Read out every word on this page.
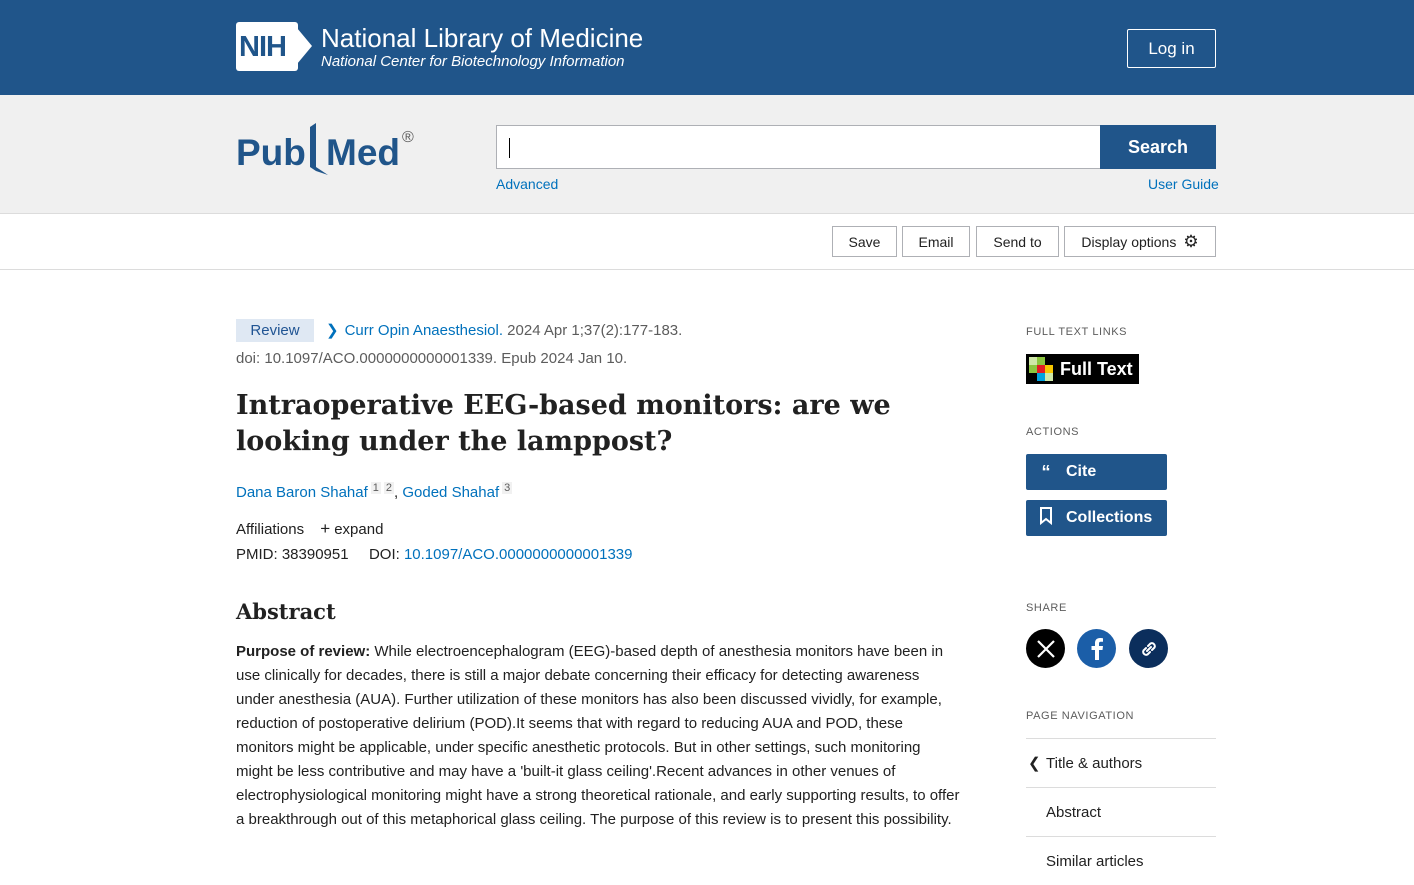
NIH National Library of Medicine
National Center for Biotechnology Information
Log in
Pub Med ®	Search
Advanced	User Guide
Save	Email	Send to	Display options ⚙
Review	❯ Curr Opin Anaesthesiol. 2024 Apr 1;37(2):177-183.
doi: 10.1097/ACO.0000000000001339. Epub 2024 Jan 10.
Intraoperative EEG-based monitors: are we looking under the lamppost?
Dana Baron Shahaf $^1$ $^2$ , Goded Shahaf $^3$
Affiliations + expand
PMID: 38390951 DOI: 10.1097/ACO.0000000000001339
Abstract

Purpose of review: While electroencephalogram (EEG)-based depth of anesthesia monitors have been in use clinically for decades, there is still a major debate concerning their efficacy for detecting awareness under anesthesia (AUA). Further utilization of these monitors has also been discussed vividly, for example, reduction of postoperative delirium (POD).It seems that with regard to reducing AUA and POD, these monitors might be applicable, under specific anesthetic protocols. But in other settings, such monitoring might be less contributive and may have a 'built-it glass ceiling'.Recent advances in other venues of electrophysiological monitoring might have a strong theoretical rationale, and early supporting results, to offer a breakthrough out of this metaphorical glass ceiling. The purpose of this review is to present this possibility.

FULL TEXT LINKS
Full Text
ACTIONS
“ Cite
Collections
SHARE
PAGE NAVIGATION
❮ Title & authors
Abstract
Similar articles
